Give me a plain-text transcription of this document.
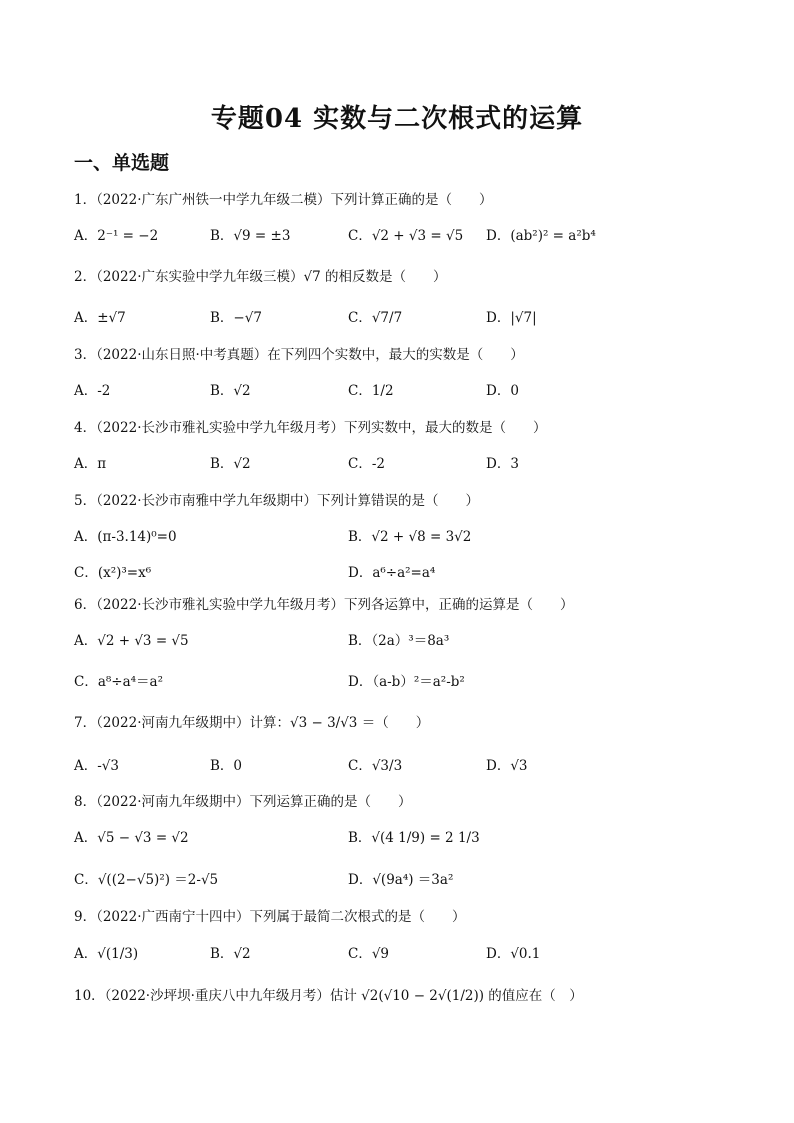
专题04 实数与二次根式的运算
一、单选题
1．（2022·广东广州铁一中学九年级二模）下列计算正确的是（　　）
A．2⁻¹ = −2	B．√9 = ±3	C．√2 + √3 = √5 D．(ab²)² = a²b⁴
2．（2022·广东实验中学九年级三模）√7 的相反数是（　　）
A．±√7	B．−√7	C．√7/7	D．|√7|
3．（2022·山东日照·中考真题）在下列四个实数中，最大的实数是（　　）
A．-2	B．√2	C．1/2	D．0
4．（2022·长沙市雅礼实验中学九年级月考）下列实数中，最大的数是（　　）
A．π	B．√2	C．-2	D．3
5．（2022·长沙市南雅中学九年级期中）下列计算错误的是（　　）
A．(π-3.14)⁰=0	B．√2 + √8 = 3√2
C．(x²)³=x⁶	D．a⁶÷a²=a⁴
6．（2022·长沙市雅礼实验中学九年级月考）下列各运算中，正确的运算是（　　）
A．√2 + √3 = √5	B．（2a）³＝8a³
C．a⁸÷a⁴＝a²	D．（a-b）²＝a²-b²
7．（2022·河南九年级期中）计算：√3 − 3/√3 ＝（　　）
A．-√3	B．0	C．√3/3	D．√3
8．（2022·河南九年级期中）下列运算正确的是（　　）
A．√5 − √3 = √2	B．√(4 1/9) = 2 1/3
C．√((2−√5)²) ＝2-√5	D．√(9a⁴) ＝3a²
9．（2022·广西南宁十四中）下列属于最简二次根式的是（　　）
A．√(1/3)	B．√2	C．√9	D．√0.1
10．（2022·沙坪坝·重庆八中九年级月考）估计 √2(√10 − 2√(1/2)) 的值应在（　）
